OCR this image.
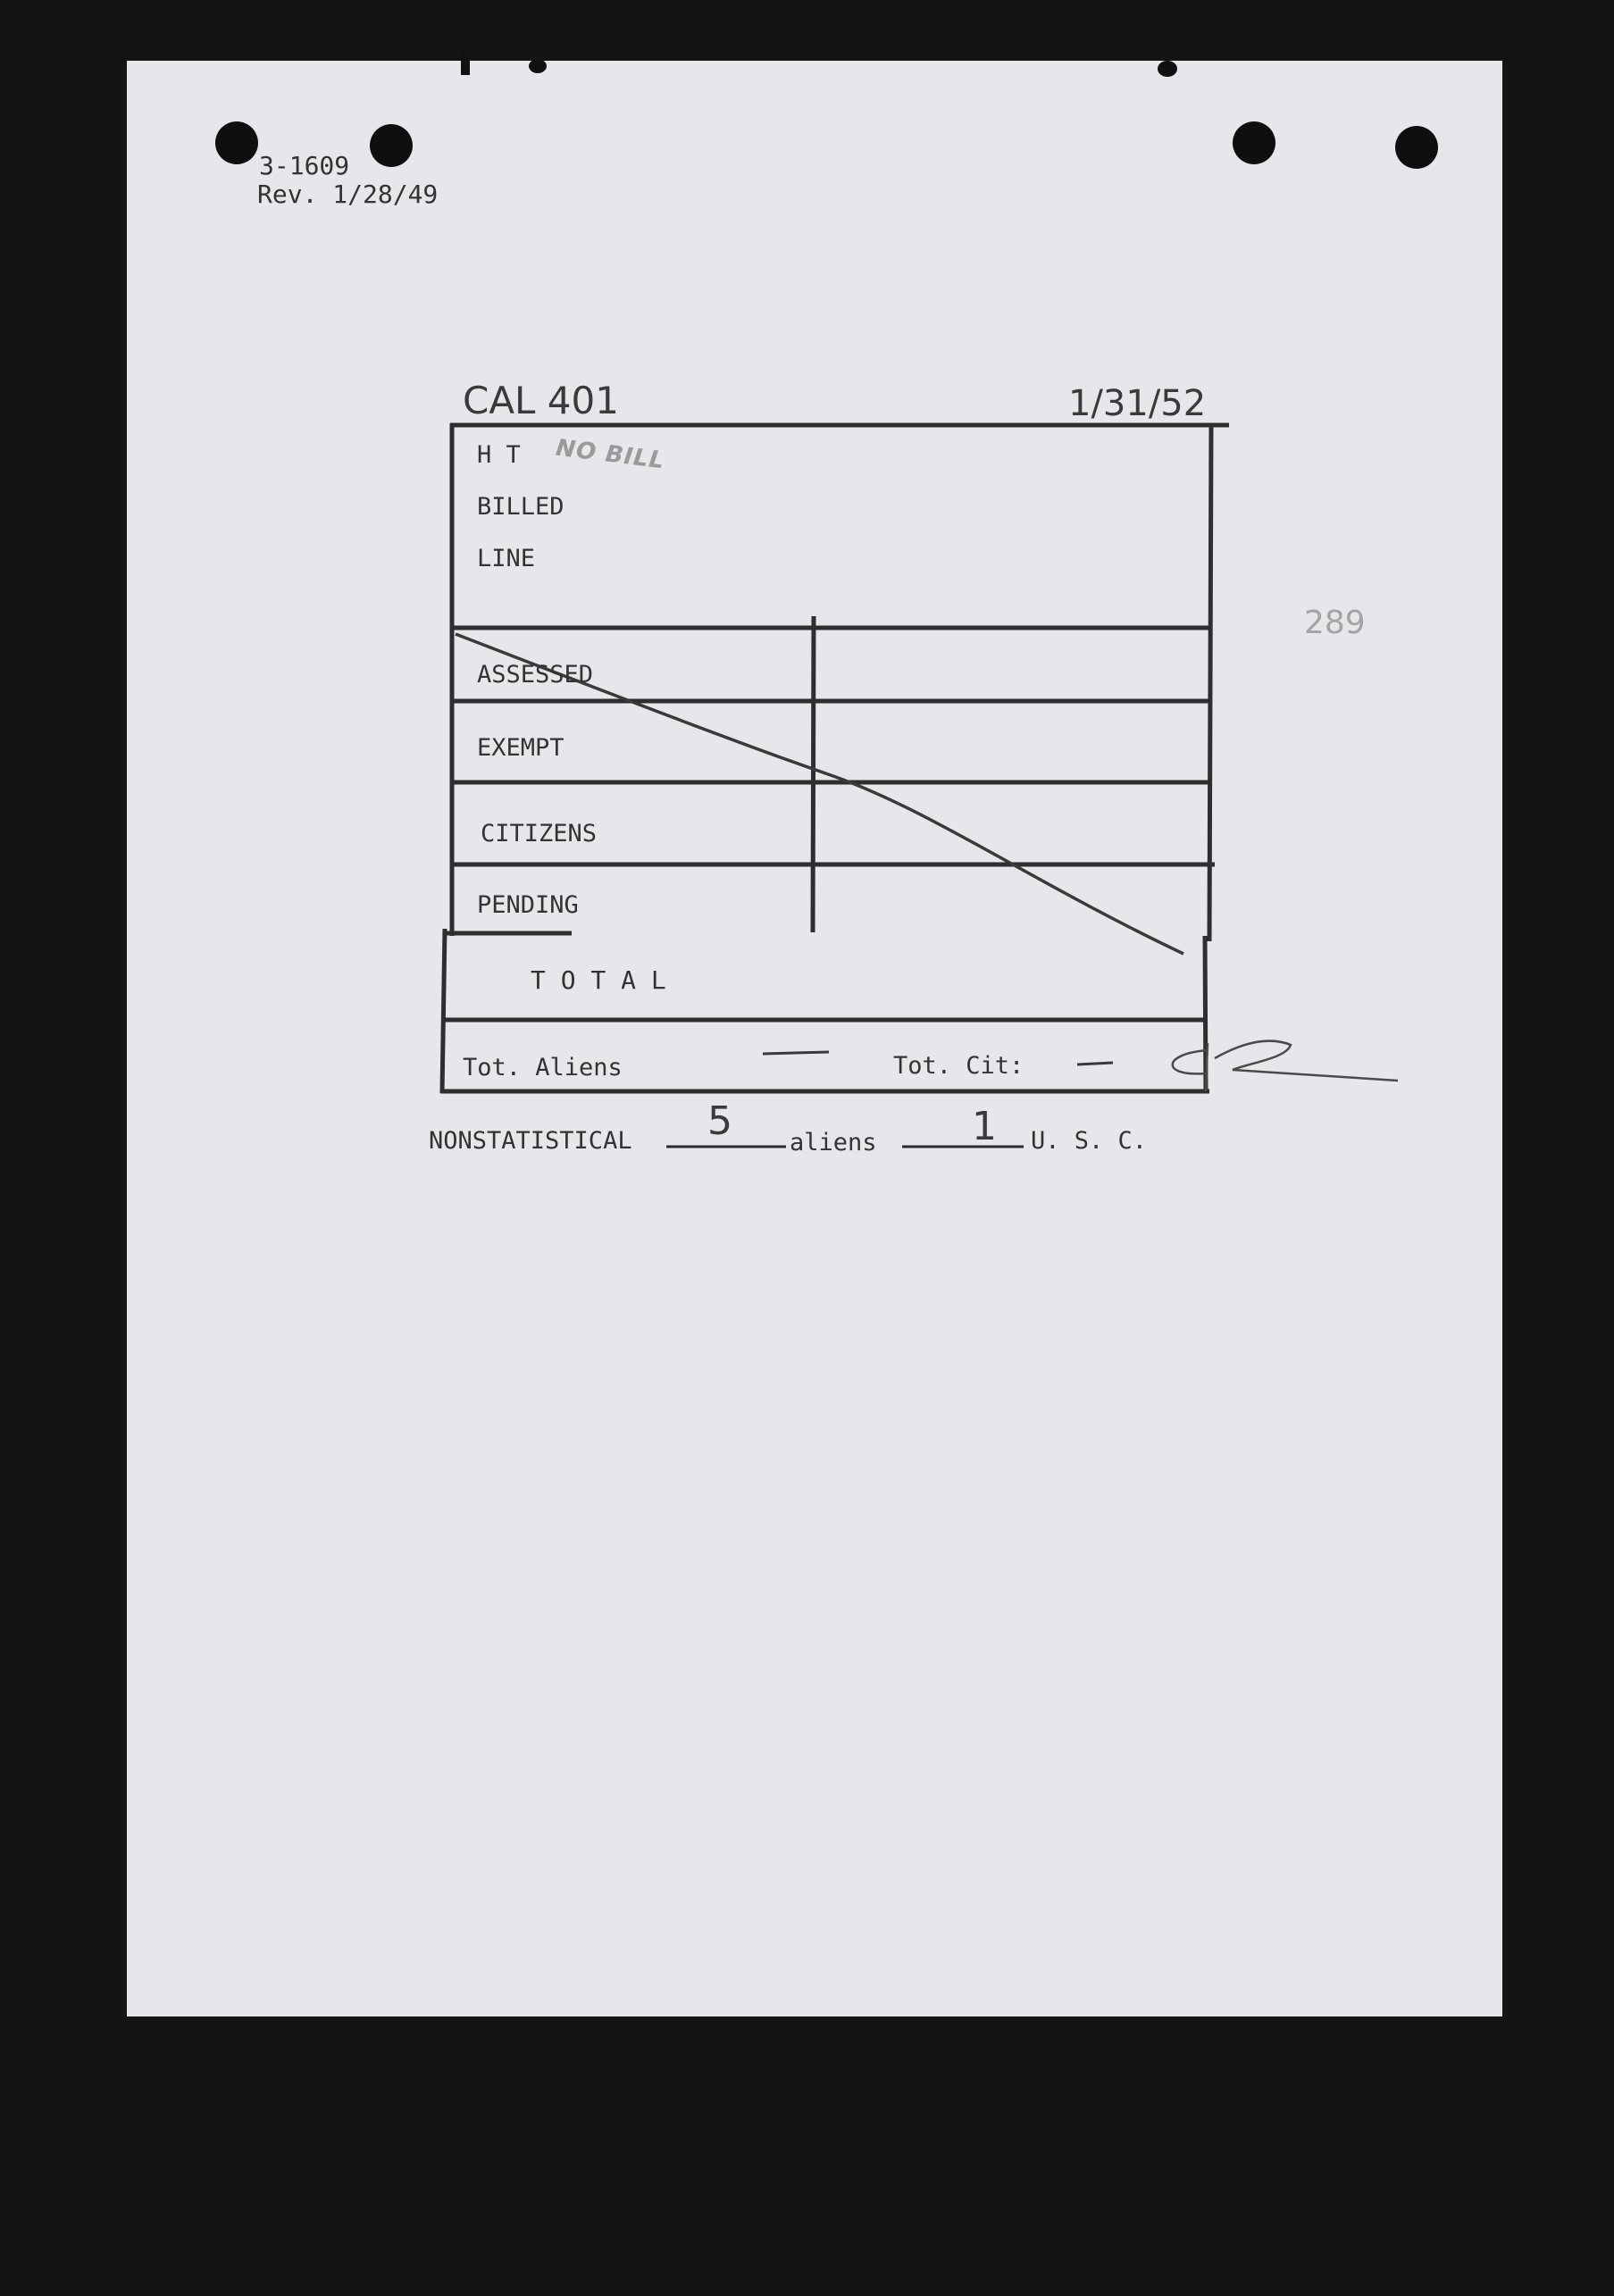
3-1609
Rev. 1/28/49
CAL 401	1/31/52
289
NO BILL
H T
BILLED
LINE
ASSESSED
EXEMPT
CITIZENS
PENDING
T O T A L
Tot. Aliens	Tot. Cit:
NONSTATISTICAL 5 aliens 1 U. S. C.
